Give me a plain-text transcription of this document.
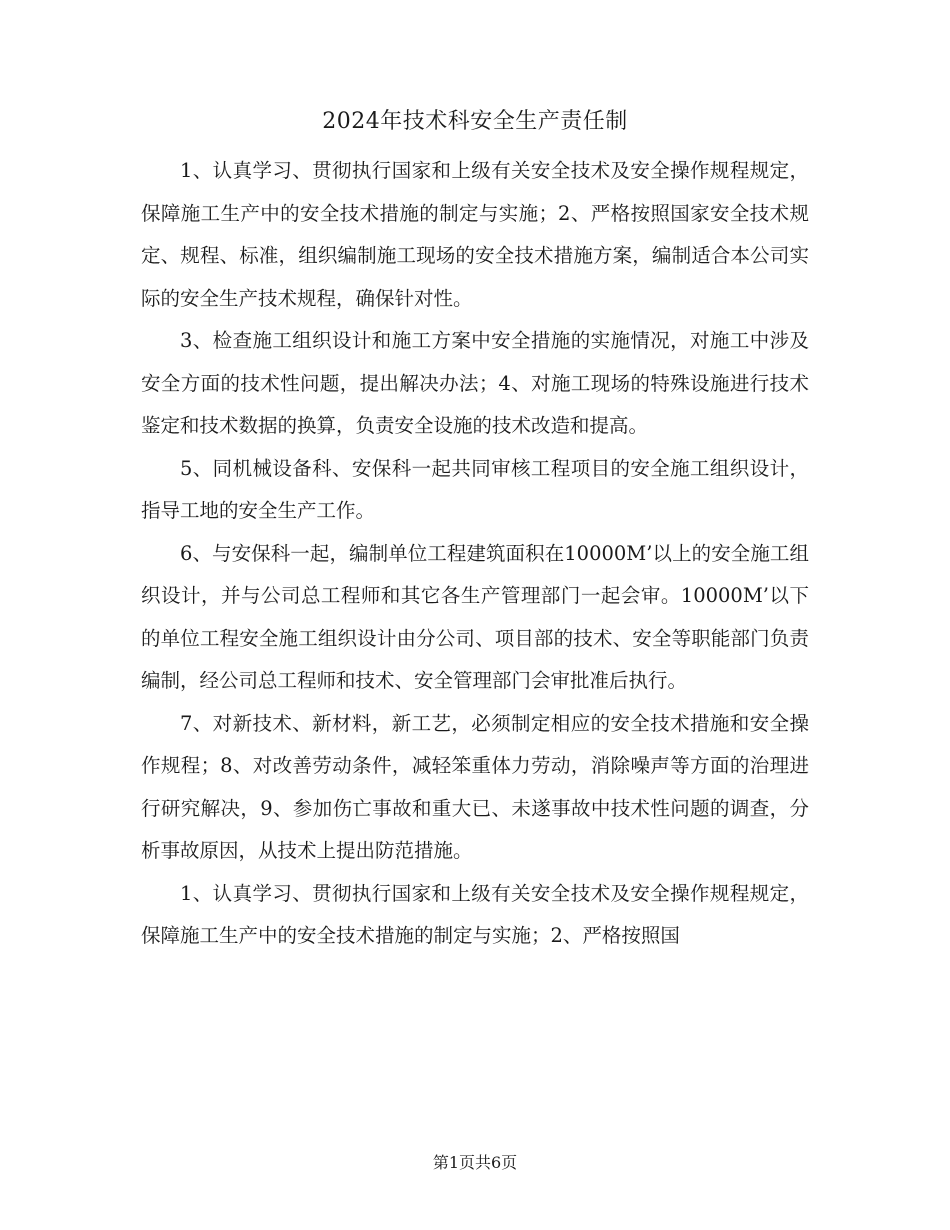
2024年技术科安全生产责任制

1、认真学习、贯彻执行国家和上级有关安全技术及安全操作规程规定，保障施工生产中的安全技术措施的制定与实施；2、严格按照国家安全技术规定、规程、标准，组织编制施工现场的安全技术措施方案，编制适合本公司实际的安全生产技术规程，确保针对性。

3、检查施工组织设计和施工方案中安全措施的实施情况，对施工中涉及安全方面的技术性问题，提出解决办法；4、对施工现场的特殊设施进行技术鉴定和技术数据的换算，负责安全设施的技术改造和提高。

5、同机械设备科、安保科一起共同审核工程项目的安全施工组织设计，指导工地的安全生产工作。

6、与安保科一起，编制单位工程建筑面积在10000M’以上的安全施工组织设计，并与公司总工程师和其它各生产管理部门一起会审。10000M’以下的单位工程安全施工组织设计由分公司、项目部的技术、安全等职能部门负责编制，经公司总工程师和技术、安全管理部门会审批准后执行。

7、对新技术、新材料，新工艺，必须制定相应的安全技术措施和安全操作规程；8、对改善劳动条件，减轻笨重体力劳动，消除噪声等方面的治理进行研究解决，9、参加伤亡事故和重大已、未遂事故中技术性问题的调查，分析事故原因，从技术上提出防范措施。

1、认真学习、贯彻执行国家和上级有关安全技术及安全操作规程规定，保障施工生产中的安全技术措施的制定与实施；2、严格按照国

第1页共6页
